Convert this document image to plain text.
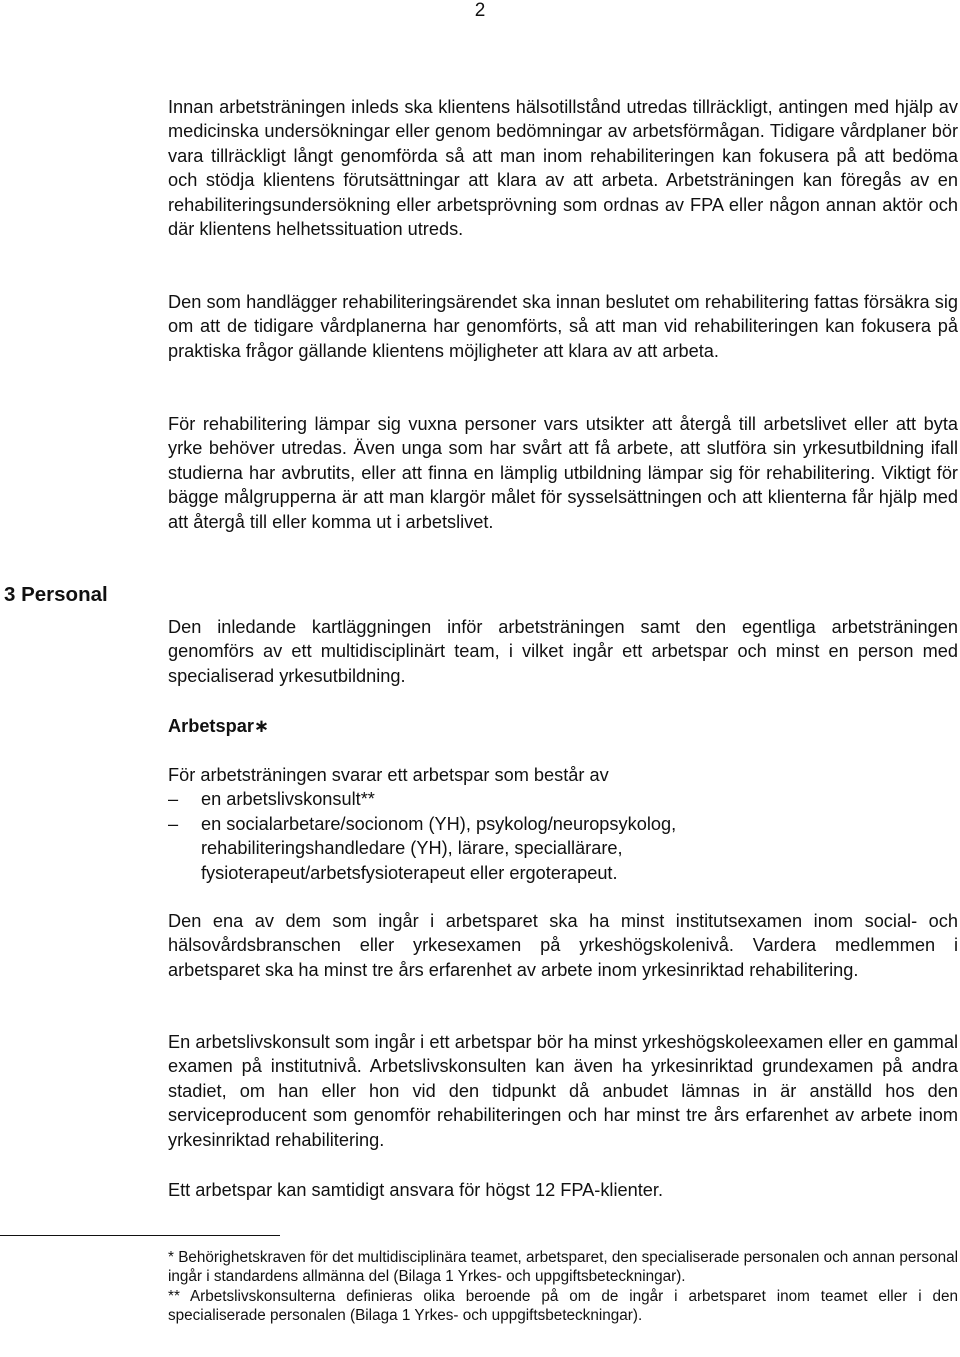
2

Innan arbetsträningen inleds ska klientens hälsotillstånd utredas tillräckligt, antingen med hjälp av medicinska undersökningar eller genom bedömningar av arbetsförmågan. Tidigare vårdplaner bör vara tillräckligt långt genomförda så att man inom rehabiliteringen kan fokusera på att bedöma och stödja klientens förutsättningar att klara av att arbeta. Arbetsträningen kan föregås av en rehabiliteringsundersökning eller arbetsprövning som ordnas av FPA eller någon annan aktör och där klientens helhetssituation utreds.

Den som handlägger rehabiliteringsärendet ska innan beslutet om rehabilitering fattas försäkra sig om att de tidigare vårdplanerna har genomförts, så att man vid rehabiliteringen kan fokusera på praktiska frågor gällande klientens möjligheter att klara av att arbeta.

För rehabilitering lämpar sig vuxna personer vars utsikter att återgå till arbetslivet eller att byta yrke behöver utredas. Även unga som har svårt att få arbete, att slutföra sin yrkesutbildning ifall studierna har avbrutits, eller att finna en lämplig utbildning lämpar sig för rehabilitering. Viktigt för bägge målgrupperna är att man klargör målet för sysselsättningen och att klienterna får hjälp med att återgå till eller komma ut i arbetslivet.

3 Personal

Den inledande kartläggningen inför arbetsträningen samt den egentliga arbetsträningen genomförs av ett multidisciplinärt team, i vilket ingår ett arbetspar och minst en person med specialiserad yrkesutbildning.

Arbetspar∗

För arbetsträningen svarar ett arbetspar som består av

– en arbetslivskonsult**
– en socialarbetare/socionom (YH), psykolog/neuropsykolog, rehabiliteringshandledare (YH), lärare, speciallärare, fysioterapeut/arbetsfysioterapeut eller ergoterapeut.

Den ena av dem som ingår i arbetsparet ska ha minst institutsexamen inom social- och hälsovårdsbranschen eller yrkesexamen på yrkeshögskolenivå. Vardera medlemmen i arbetsparet ska ha minst tre års erfarenhet av arbete inom yrkesinriktad rehabilitering.

En arbetslivskonsult som ingår i ett arbetspar bör ha minst yrkeshögskoleexamen eller en gammal examen på institutnivå. Arbetslivskonsulten kan även ha yrkesinriktad grundexamen på andra stadiet, om han eller hon vid den tidpunkt då anbudet lämnas in är anställd hos den serviceproducent som genomför rehabiliteringen och har minst tre års erfarenhet av arbete inom yrkesinriktad rehabilitering.

Ett arbetspar kan samtidigt ansvara för högst 12 FPA-klienter.

* Behörighetskraven för det multidisciplinära teamet, arbetsparet, den specialiserade personalen och annan personal ingår i standardens allmänna del (Bilaga 1 Yrkes- och uppgiftsbeteckningar).

** Arbetslivskonsulterna definieras olika beroende på om de ingår i arbetsparet inom teamet eller i den specialiserade personalen (Bilaga 1 Yrkes- och uppgiftsbeteckningar).
